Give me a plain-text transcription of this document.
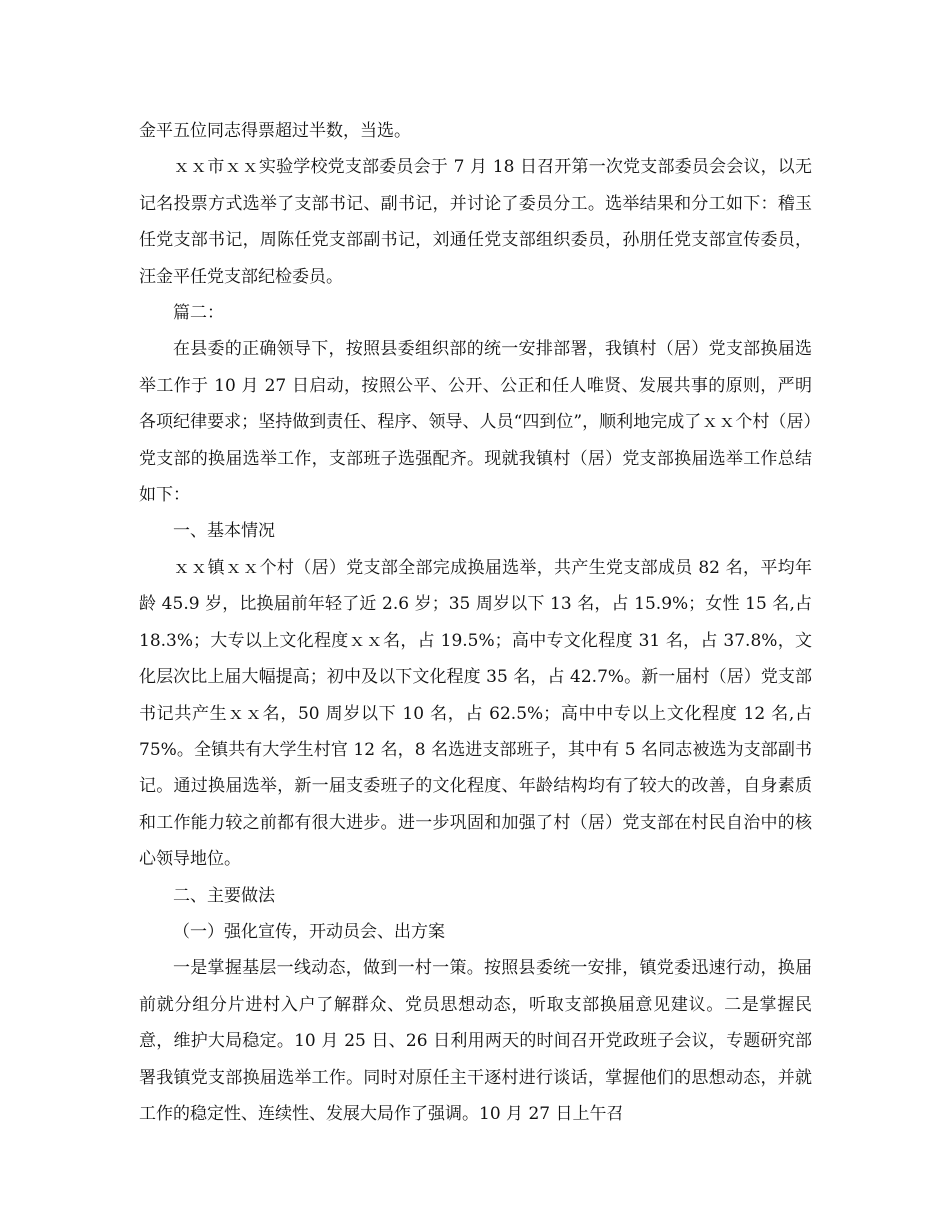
金平五位同志得票超过半数，当选。

ｘｘ市ｘｘ实验学校党支部委员会于 7 月 18 日召开第一次党支部委员会会议，以无记名投票方式选举了支部书记、副书记，并讨论了委员分工。选举结果和分工如下：稽玉任党支部书记，周陈任党支部副书记，刘通任党支部组织委员，孙朋任党支部宣传委员，汪金平任党支部纪检委员。

篇二：

在县委的正确领导下，按照县委组织部的统一安排部署，我镇村（居）党支部换届选举工作于 10 月 27 日启动，按照公平、公开、公正和任人唯贤、发展共事的原则，严明各项纪律要求；坚持做到责任、程序、领导、人员“四到位”，顺利地完成了ｘｘ个村（居）党支部的换届选举工作，支部班子选强配齐。现就我镇村（居）党支部换届选举工作总结如下：

一、基本情况

ｘｘ镇ｘｘ个村（居）党支部全部完成换届选举，共产生党支部成员 82 名，平均年龄 45.9 岁，比换届前年轻了近 2.6 岁；35 周岁以下 13 名，占 15.9%；女性 15 名,占 18.3%；大专以上文化程度ｘｘ名，占 19.5%；高中专文化程度 31 名，占 37.8%，文化层次比上届大幅提高；初中及以下文化程度 35 名，占 42.7%。新一届村（居）党支部书记共产生ｘｘ名，50 周岁以下 10 名，占 62.5%；高中中专以上文化程度 12 名,占 75%。全镇共有大学生村官 12 名，8 名选进支部班子，其中有 5 名同志被选为支部副书记。通过换届选举，新一届支委班子的文化程度、年龄结构均有了较大的改善，自身素质和工作能力较之前都有很大进步。进一步巩固和加强了村（居）党支部在村民自治中的核心领导地位。

二、主要做法

（一）强化宣传，开动员会、出方案

一是掌握基层一线动态，做到一村一策。按照县委统一安排，镇党委迅速行动，换届前就分组分片进村入户了解群众、党员思想动态，听取支部换届意见建议。二是掌握民意，维护大局稳定。10 月 25 日、26 日利用两天的时间召开党政班子会议，专题研究部署我镇党支部换届选举工作。同时对原任主干逐村进行谈话，掌握他们的思想动态，并就工作的稳定性、连续性、发展大局作了强调。10 月 27 日上午召
